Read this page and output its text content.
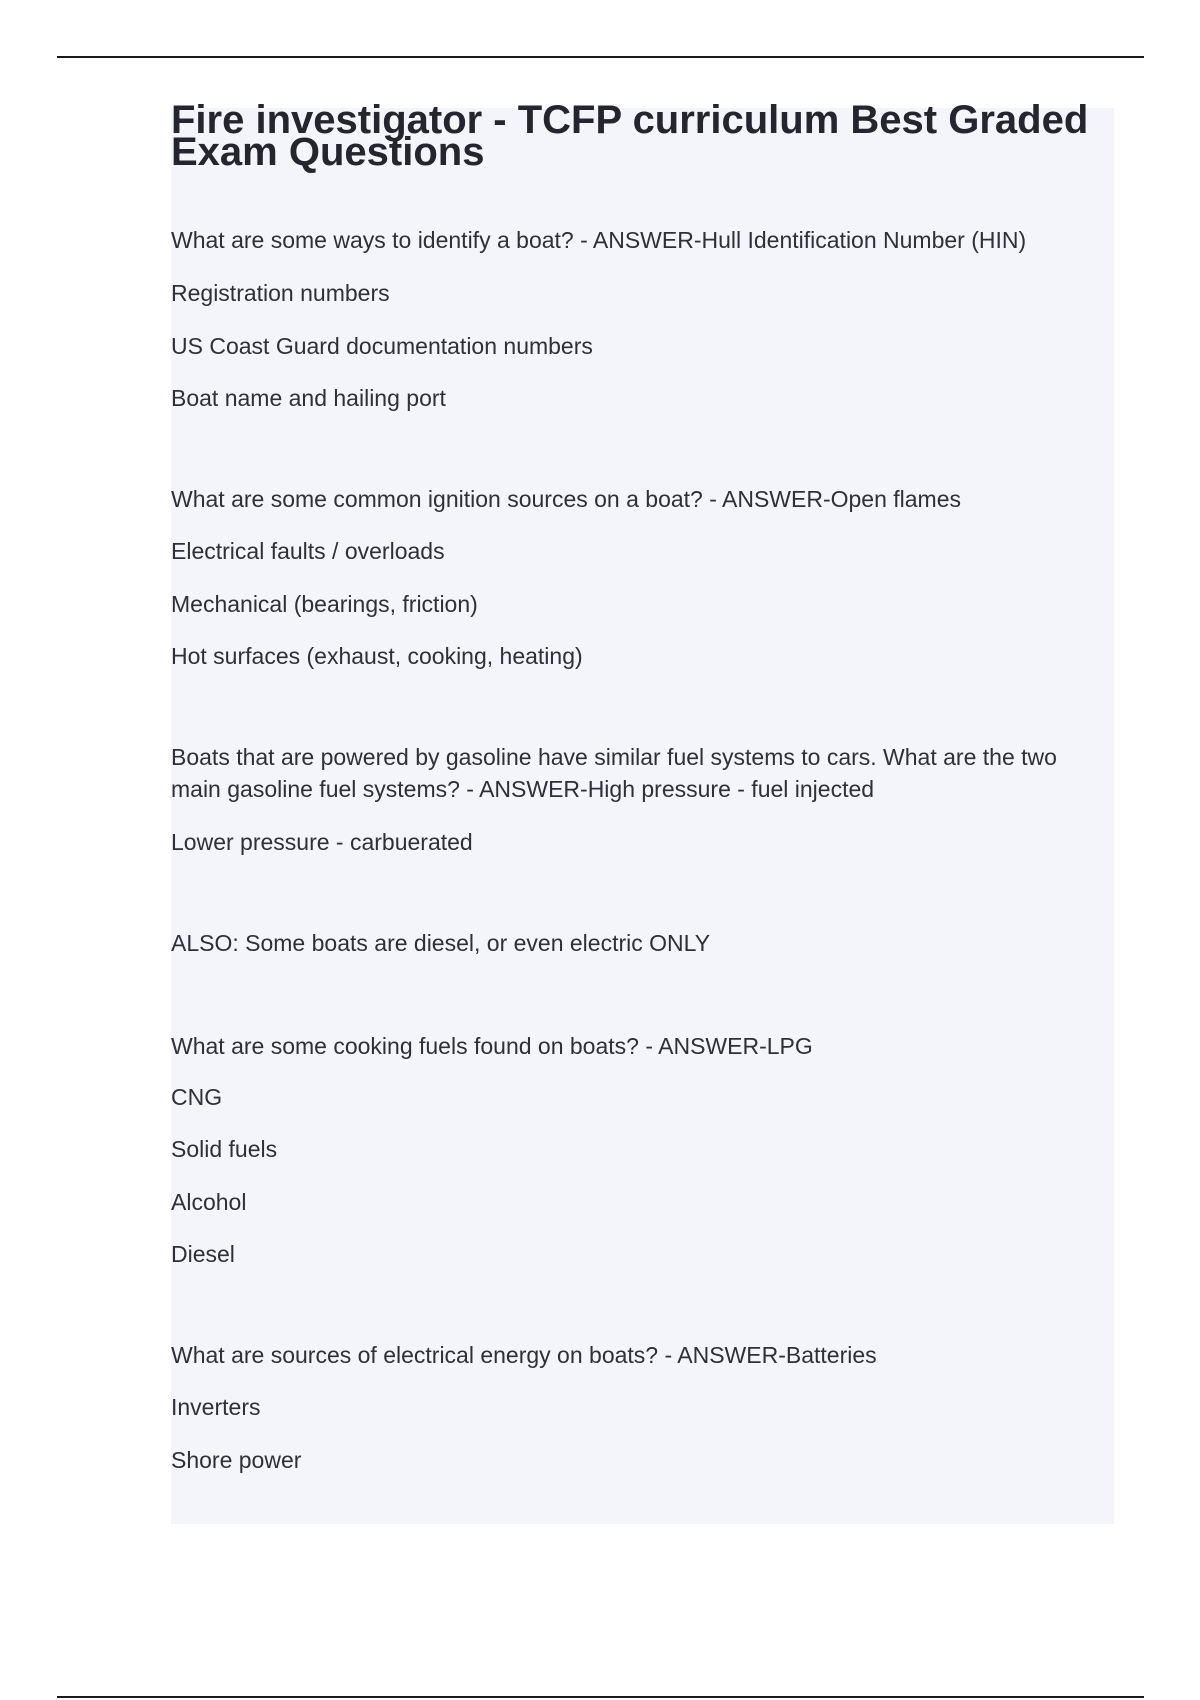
Fire investigator - TCFP curriculum Best Graded Exam Questions

What are some ways to identify a boat? - ANSWER-Hull Identification Number (HIN)

Registration numbers

US Coast Guard documentation numbers

Boat name and hailing port

What are some common ignition sources on a boat? - ANSWER-Open flames

Electrical faults / overloads

Mechanical (bearings, friction)

Hot surfaces (exhaust, cooking, heating)

Boats that are powered by gasoline have similar fuel systems to cars. What are the two main gasoline fuel systems? - ANSWER-High pressure - fuel injected

Lower pressure - carbuerated

ALSO: Some boats are diesel, or even electric ONLY

What are some cooking fuels found on boats? - ANSWER-LPG

CNG

Solid fuels

Alcohol

Diesel

What are sources of electrical energy on boats? - ANSWER-Batteries

Inverters

Shore power
